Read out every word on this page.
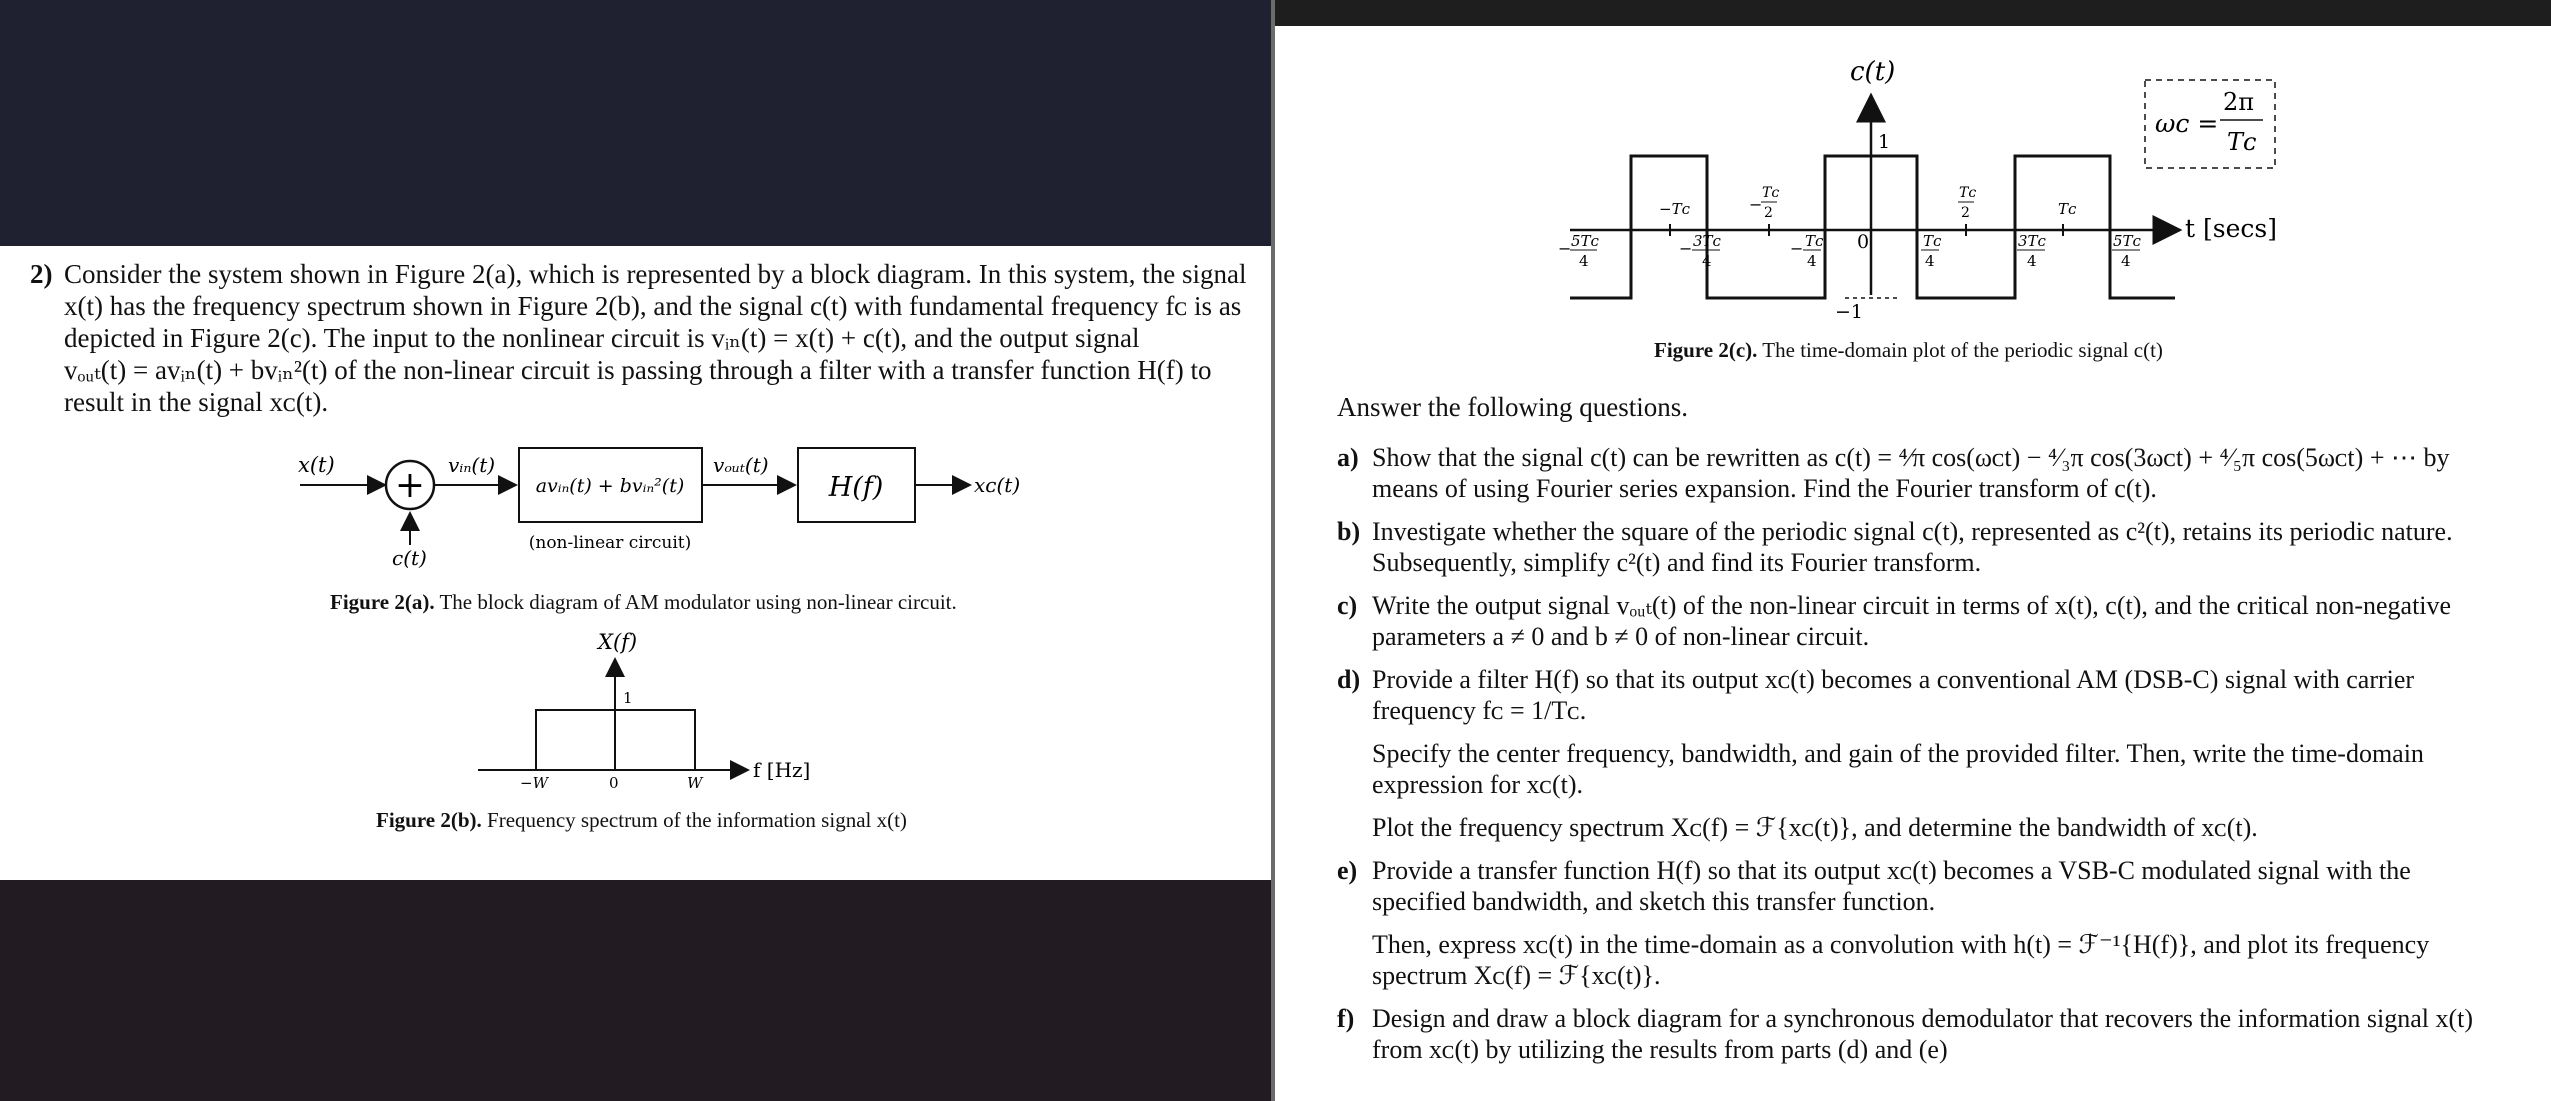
2) Consider the system shown in Figure 2(a), which is represented by a block diagram. In this system, the signal
x(t) has the frequency spectrum shown in Figure 2(b), and the signal c(t) with fundamental frequency fᴄ is as
depicted in Figure 2(c). The input to the nonlinear circuit is vᵢₙ(t) = x(t) + c(t), and the output signal
vₒᵤₜ(t) = avᵢₙ(t) + bvᵢₙ²(t) of the non-linear circuit is passing through a filter with a transfer function H(f) to
result in the signal xᴄ(t).
x(t) +
c(t)
vᵢₙ(t)
avᵢₙ(t) + bvᵢₙ²(t)
(non-linear circuit)
vₒᵤₜ(t)
H(f)	xᴄ(t)
Figure 2(a). The block diagram of AM modulator using non-linear circuit.
X(f)
1
−W	0	W
f [Hz]
Figure 2(b). Frequency spectrum of the information signal x(t)
c(t)
1
−1
0
− 5Tᴄ
4
−Tᴄ
− 3Tᴄ
4
−
Tᴄ
2
− Tᴄ
4
Tᴄ
4
Tᴄ
2
3Tᴄ
4
Tᴄ
5Tᴄ
4
t [secs]
ωᴄ =
2π
Tᴄ
Figure 2(c). The time-domain plot of the periodic signal c(t)
Answer the following questions.
a) Show that the signal c(t) can be rewritten as c(t) = ⁴⁄π cos(ωᴄt) − ⁴⁄₃π cos(3ωᴄt) + ⁴⁄₅π cos(5ωᴄt) + ⋯ by
means of using Fourier series expansion. Find the Fourier transform of c(t).

b) Investigate whether the square of the periodic signal c(t), represented as c²(t), retains its periodic nature.
Subsequently, simplify c²(t) and find its Fourier transform.

c) Write the output signal vₒᵤₜ(t) of the non-linear circuit in terms of x(t), c(t), and the critical non-negative
parameters a ≠ 0 and b ≠ 0 of non-linear circuit.

d) Provide a filter H(f) so that its output xᴄ(t) becomes a conventional AM (DSB-C) signal with carrier
frequency fᴄ = 1/Tᴄ.

Specify the center frequency, bandwidth, and gain of the provided filter. Then, write the time-domain
expression for xᴄ(t).

Plot the frequency spectrum Xᴄ(f) = ℱ{xᴄ(t)}, and determine the bandwidth of xᴄ(t).

e) Provide a transfer function H(f) so that its output xᴄ(t) becomes a VSB-C modulated signal with the
specified bandwidth, and sketch this transfer function.

Then, express xᴄ(t) in the time-domain as a convolution with h(t) = ℱ⁻¹{H(f)}, and plot its frequency
spectrum Xᴄ(f) = ℱ{xᴄ(t)}.

f) Design and draw a block diagram for a synchronous demodulator that recovers the information signal x(t)
from xᴄ(t) by utilizing the results from parts (d) and (e)
